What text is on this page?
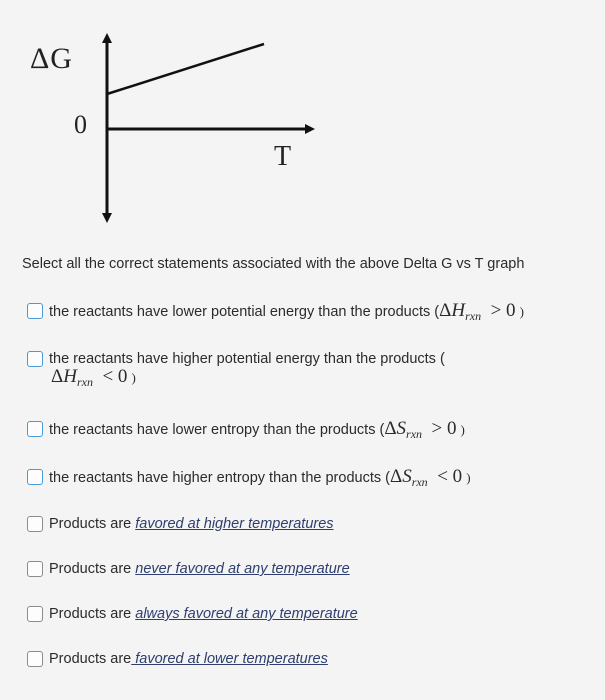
ΔG
0
T
Select all the correct statements associated with the above Delta G vs T graph
the reactants have lower potential energy than the products ($\Delta H_{rxn} > 0$ )
the reactants have higher potential energy than the products (
$\Delta H_{rxn} < 0$ )
the reactants have lower entropy than the products ($\Delta S_{rxn} > 0$ )
the reactants have higher entropy than the products ($\Delta S_{rxn} < 0$ )
Products are favored at higher temperatures
Products are never favored at any temperature
Products are always favored at any temperature
Products are favored at lower temperatures
